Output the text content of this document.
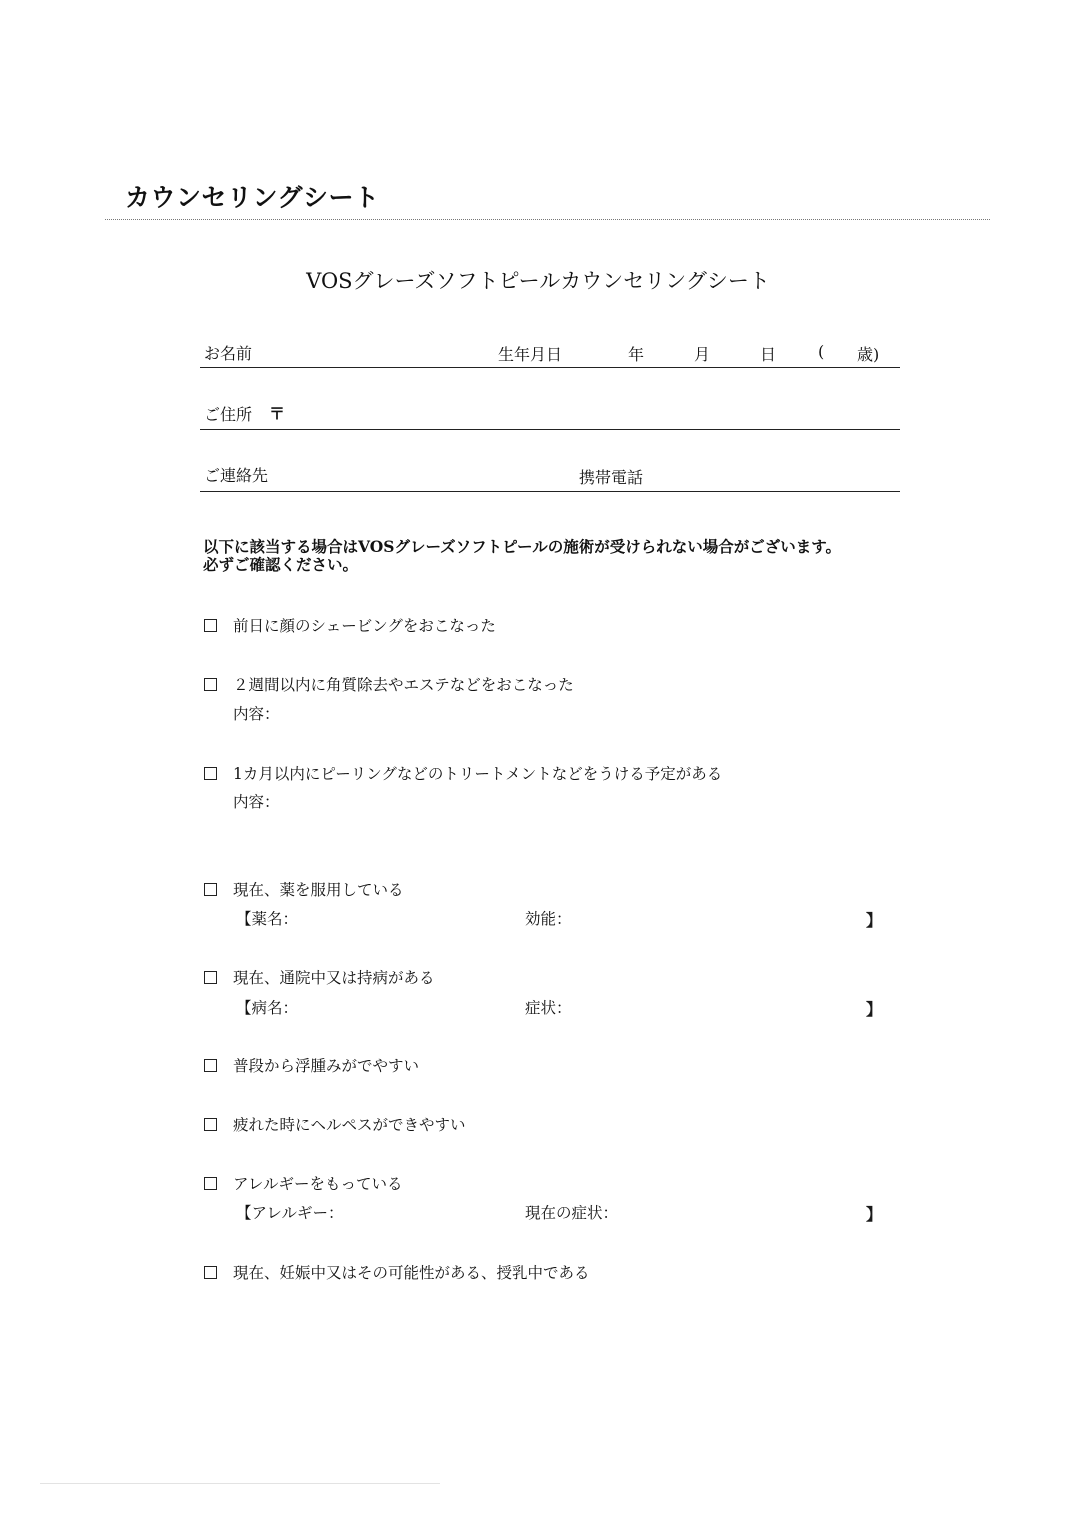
カウンセリングシート
VOSグレーズソフトピールカウンセリングシート
お名前	生年月日	年	月	日	( 歳)
ご住所 〒
ご連絡先	携帯電話
以下に該当する場合はVOSグレーズソフトピールの施術が受けられない場合がございます。
必ずご確認ください。
前日に顔のシェービングをおこなった
２週間以内に角質除去やエステなどをおこなった
内容：
1カ月以内にピーリングなどのトリートメントなどをうける予定がある
内容：
現在、薬を服用している
【薬名：	効能：	】
現在、通院中又は持病がある
【病名：	症状：	】
普段から浮腫みがでやすい
疲れた時にヘルペスができやすい
アレルギーをもっている
【アレルギー：	現在の症状：	】
現在、妊娠中又はその可能性がある、授乳中である
